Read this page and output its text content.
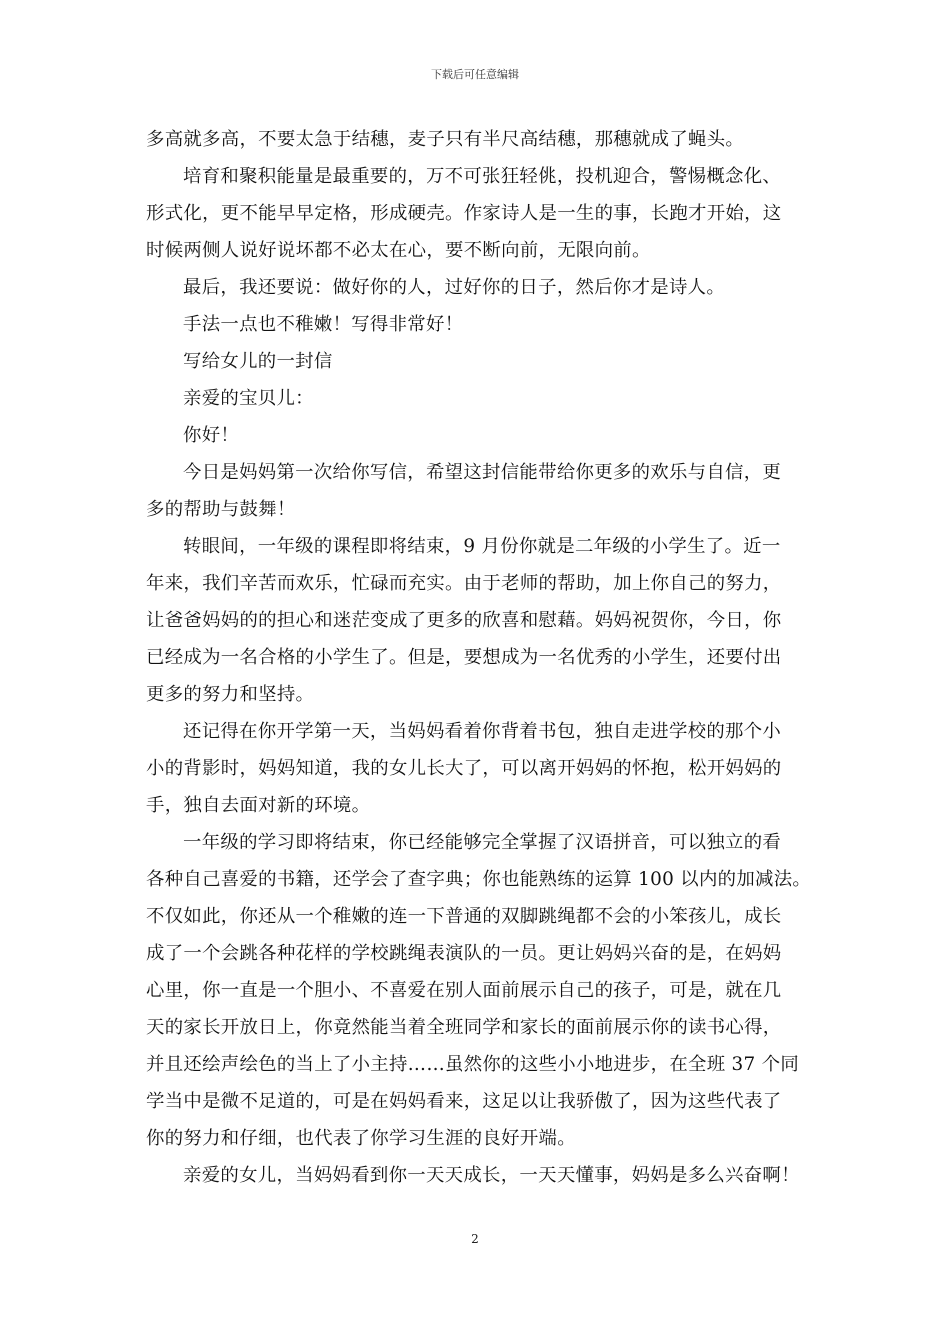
下载后可任意编辑
多高就多高，不要太急于结穗，麦子只有半尺高结穗，那穗就成了蝇头。
培育和聚积能量是最重要的，万不可张狂轻佻，投机迎合，警惕概念化、
形式化，更不能早早定格，形成硬壳。作家诗人是一生的事，长跑才开始，这
时候两侧人说好说坏都不必太在心，要不断向前，无限向前。
最后，我还要说：做好你的人，过好你的日子，然后你才是诗人。
手法一点也不稚嫩！写得非常好！
写给女儿的一封信
亲爱的宝贝儿：
你好！
今日是妈妈第一次给你写信，希望这封信能带给你更多的欢乐与自信，更
多的帮助与鼓舞！
转眼间，一年级的课程即将结束，9 月份你就是二年级的小学生了。近一
年来，我们辛苦而欢乐，忙碌而充实。由于老师的帮助，加上你自己的努力，
让爸爸妈妈的的担心和迷茫变成了更多的欣喜和慰藉。妈妈祝贺你，今日，你
已经成为一名合格的小学生了。但是，要想成为一名优秀的小学生，还要付出
更多的努力和坚持。
还记得在你开学第一天，当妈妈看着你背着书包，独自走进学校的那个小
小的背影时，妈妈知道，我的女儿长大了，可以离开妈妈的怀抱，松开妈妈的
手，独自去面对新的环境。
一年级的学习即将结束，你已经能够完全掌握了汉语拼音，可以独立的看
各种自己喜爱的书籍，还学会了查字典；你也能熟练的运算 100 以内的加减法。
不仅如此，你还从一个稚嫩的连一下普通的双脚跳绳都不会的小笨孩儿，成长
成了一个会跳各种花样的学校跳绳表演队的一员。更让妈妈兴奋的是，在妈妈
心里，你一直是一个胆小、不喜爱在别人面前展示自己的孩子，可是，就在几
天的家长开放日上，你竟然能当着全班同学和家长的面前展示你的读书心得，
并且还绘声绘色的当上了小主持……虽然你的这些小小地进步，在全班 37 个同
学当中是微不足道的，可是在妈妈看来，这足以让我骄傲了，因为这些代表了
你的努力和仔细，也代表了你学习生涯的良好开端。
亲爱的女儿，当妈妈看到你一天天成长，一天天懂事，妈妈是多么兴奋啊！
2
